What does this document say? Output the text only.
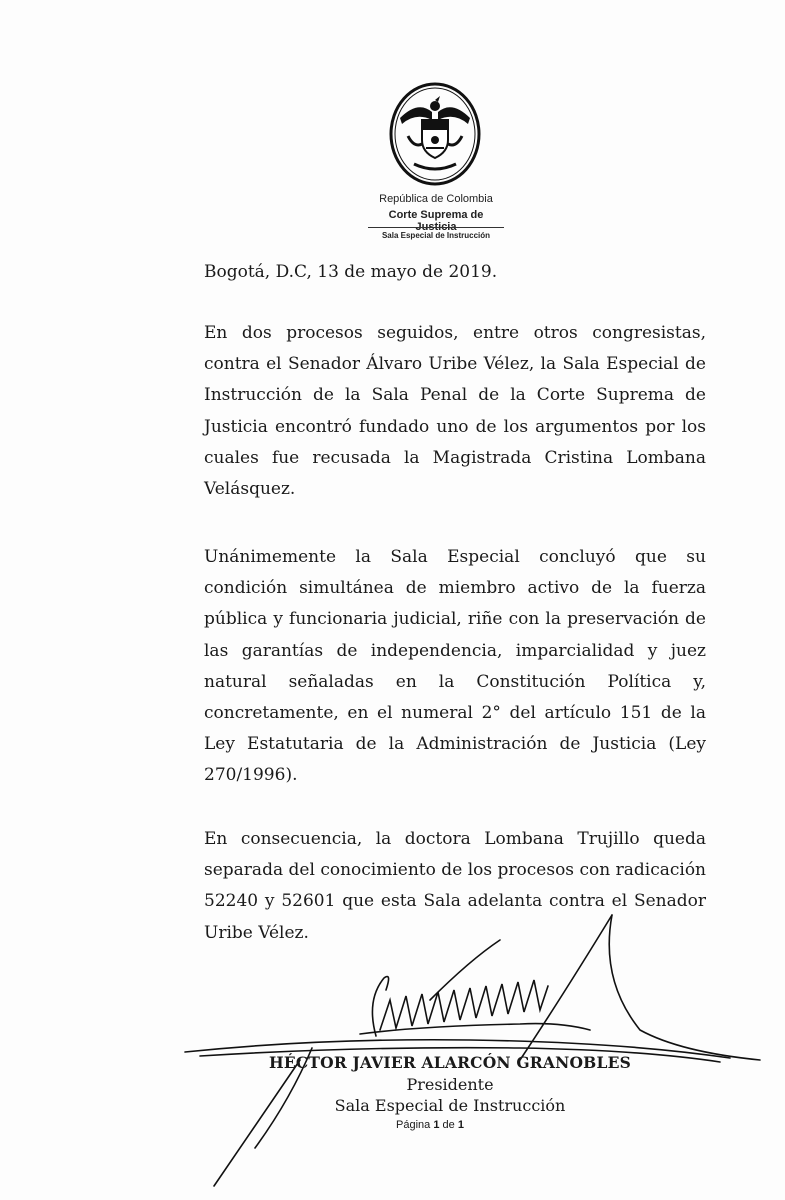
República de Colombia
Corte Suprema de Justicia
Sala Especial de Instrucción
Bogotá, D.C, 13 de mayo de 2019.

En dos procesos seguidos, entre otros congresistas, contra el Senador Álvaro Uribe Vélez, la Sala Especial de Instrucción de la Sala Penal de la Corte Suprema de Justicia encontró fundado uno de los argumentos por los cuales fue recusada la Magistrada Cristina Lombana Velásquez.

Unánimemente la Sala Especial concluyó que su condición simultánea de miembro activo de la fuerza pública y funcionaria judicial, riñe con la preservación de las garantías de independencia, imparcialidad y juez natural señaladas en la Constitución Política y, concretamente, en el numeral 2° del artículo 151 de la Ley Estatutaria de la Administración de Justicia (Ley 270/1996).

En consecuencia, la doctora Lombana Trujillo queda separada del conocimiento de los procesos con radicación 52240 y 52601 que esta Sala adelanta contra el Senador Uribe Vélez.

HÉCTOR JAVIER ALARCÓN GRANOBLES
Presidente
Sala Especial de Instrucción
Página 1 de 1
